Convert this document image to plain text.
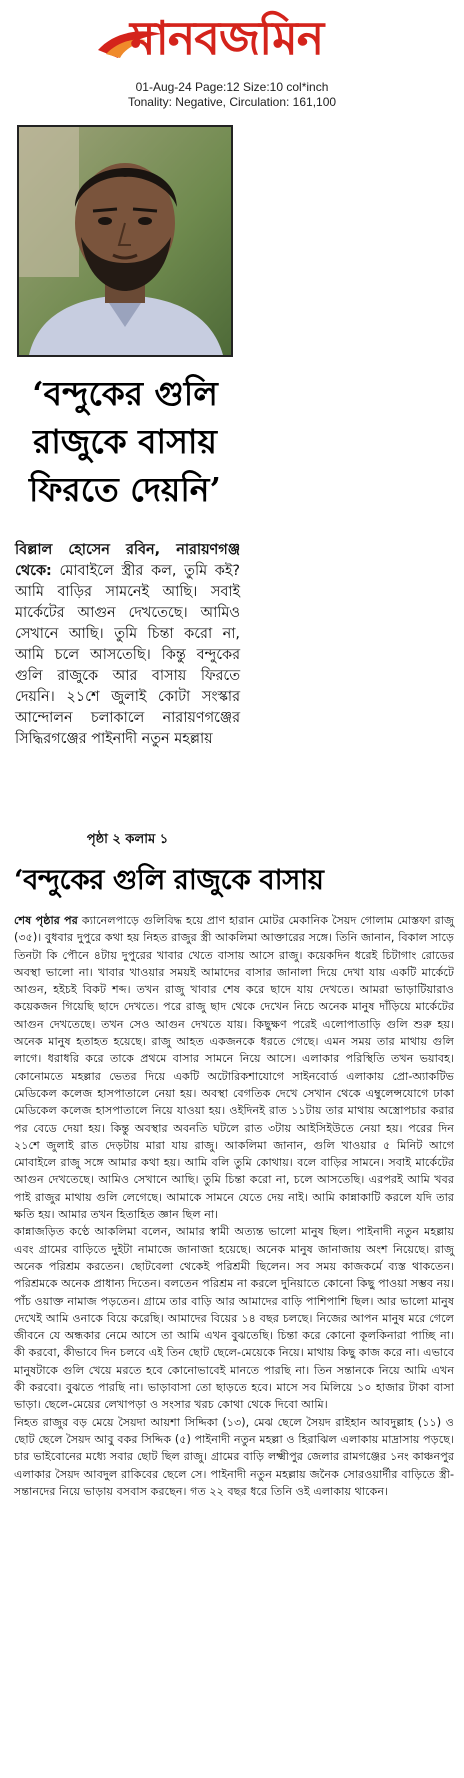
মানবজমিন
01-Aug-24 Page:12 Size:10 col*inch
Tonality: Negative, Circulation: 161,100
‘বন্দুকের গুলি রাজুকে বাসায় ফিরতে দেয়নি’
বিল্লাল হোসেন রবিন, নারায়ণগঞ্জ থেকে: মোবাইলে স্ত্রীর কল, তুমি কই? আমি বাড়ির সামনেই আছি। সবাই মার্কেটের আগুন দেখতেছে। আমিও সেখানে আছি। তুমি চিন্তা করো না, আমি চলে আসতেছি। কিন্তু বন্দুকের গুলি রাজুকে আর বাসায় ফিরতে দেয়নি। ২১শে জুলাই কোটা সংস্কার আন্দোলন চলাকালে নারায়ণগঞ্জের সিদ্ধিরগঞ্জের পাইনাদী নতুন মহল্লায়
পৃষ্ঠা ২ কলাম ১
‘বন্দুকের গুলি রাজুকে বাসায়

শেষ পৃষ্ঠার পর ক্যানেলপাড়ে গুলিবিদ্ধ হয়ে প্রাণ হারান মোটর মেকানিক সৈয়দ গোলাম মোস্তফা রাজু (৩৫)। বুধবার দুপুরে কথা হয় নিহত রাজুর স্ত্রী আকলিমা আক্তারের সঙ্গে। তিনি জানান, বিকাল সাড়ে তিনটা কি পৌনে ৪টায় দুপুরের খাবার খেতে বাসায় আসে রাজু। কয়েকদিন ধরেই চিটাগাং রোডের অবস্থা ভালো না। খাবার খাওয়ার সময়ই আমাদের বাসার জানালা দিয়ে দেখা যায় একটি মার্কেটে আগুন, হইচই বিকট শব্দ। তখন রাজু খাবার শেষ করে ছাদে যায় দেখতে। আমরা ভাড়াটিয়ারাও কয়েকজন গিয়েছি ছাদে দেখতে। পরে রাজু ছাদ থেকে দেখেন নিচে অনেক মানুষ দাঁড়িয়ে মার্কেটের আগুন দেখতেছে। তখন সেও আগুন দেখতে যায়। কিছুক্ষণ পরেই এলোপাতাড়ি গুলি শুরু হয়। অনেক মানুষ হতাহত হয়েছে। রাজু আহত একজনকে ধরতে গেছে। এমন সময় তার মাথায় গুলি লাগে। ধরাধরি করে তাকে প্রথমে বাসার সামনে নিয়ে আসে। এলাকার পরিস্থিতি তখন ভয়াবহ। কোনোমতে মহল্লার ভেতর দিয়ে একটি অটোরিকশাযোগে সাইনবোর্ড এলাকায় প্রো-অ্যাকটিভ মেডিকেল কলেজ হাসপাতালে নেয়া হয়। অবস্থা বেগতিক দেখে সেখান থেকে এম্বুলেন্সযোগে ঢাকা মেডিকেল কলেজ হাসপাতালে নিয়ে যাওয়া হয়। ওইদিনই রাত ১১টায় তার মাথায় অস্ত্রোপচার করার পর বেডে দেয়া হয়। কিন্তু অবস্থার অবনতি ঘটলে রাত ৩টায় আইসিইউতে নেয়া হয়। পরের দিন ২১শে জুলাই রাত দেড়টায় মারা যায় রাজু। আকলিমা জানান, গুলি খাওয়ার ৫ মিনিট আগে মোবাইলে রাজু সঙ্গে আমার কথা হয়। আমি বলি তুমি কোথায়। বলে বাড়ির সামনে। সবাই মার্কেটের আগুন দেখতেছে। আমিও সেখানে আছি। তুমি চিন্তা করো না, চলে আসতেছি। এরপরই আমি খবর পাই রাজুর মাথায় গুলি লেগেছে। আমাকে সামনে যেতে দেয় নাই। আমি কান্নাকাটি করলে যদি তার ক্ষতি হয়। আমার তখন হিতাহিত জ্ঞান ছিল না।

কান্নাজড়িত কণ্ঠে আকলিমা বলেন, আমার স্বামী অত্যন্ত ভালো মানুষ ছিল। পাইনাদী নতুন মহল্লায় এবং গ্রামের বাড়িতে দুইটা নামাজে জানাজা হয়েছে। অনেক মানুষ জানাজায় অংশ নিয়েছে। রাজু অনেক পরিশ্রম করতেন। ছোটবেলা থেকেই পরিশ্রমী ছিলেন। সব সময় কাজকর্মে ব্যস্ত থাকতেন। পরিশ্রমকে অনেক প্রাধান্য দিতেন। বলতেন পরিশ্রম না করলে দুনিয়াতে কোনো কিছু পাওয়া সম্ভব নয়। পাঁচ ওয়াক্ত নামাজ পড়তেন। গ্রামে তার বাড়ি আর আমাদের বাড়ি পাশিপাশি ছিল। আর ভালো মানুষ দেখেই আমি ওনাকে বিয়ে করেছি। আমাদের বিয়ের ১৪ বছর চলছে। নিজের আপন মানুষ মরে গেলে জীবনে যে অন্ধকার নেমে আসে তা আমি এখন বুঝতেছি। চিন্তা করে কোনো কূলকিনারা পাচ্ছি না। কী করবো, কীভাবে দিন চলবে এই তিন ছোট ছেলে-মেয়েকে নিয়ে। মাথায় কিছু কাজ করে না। এভাবে মানুষটাকে গুলি খেয়ে মরতে হবে কোনোভাবেই মানতে পারছি না। তিন সন্তানকে নিয়ে আমি এখন কী করবো। বুঝতে পারছি না। ভাড়াবাসা তো ছাড়তে হবে। মাসে সব মিলিয়ে ১০ হাজার টাকা বাসা ভাড়া। ছেলে-মেয়ের লেখাপড়া ও সংসার খরচ কোথা থেকে দিবো আমি।

নিহত রাজুর বড় মেয়ে সৈয়দা আয়শা সিদ্দিকা (১৩), মেঝ ছেলে সৈয়দ রাইহান আবদুল্লাহ (১১) ও ছোট ছেলে সৈয়দ আবু বকর সিদ্দিক (৫) পাইনাদী নতুন মহল্লা ও হিরাঝিল এলাকায় মাদ্রাসায় পড়ছে। চার ভাইবোনের মধ্যে সবার ছোট ছিল রাজু। গ্রামের বাড়ি লক্ষ্মীপুর জেলার রামগঞ্জের ১নং কাঞ্চনপুর এলাকার সৈয়দ আবদুল রাকিবের ছেলে সে। পাইনাদী নতুন মহল্লায় জনৈক সোরওয়ার্দীর বাড়িতে স্ত্রী-সন্তানদের নিয়ে ভাড়ায় বসবাস করছেন। গত ২২ বছর ধরে তিনি ওই এলাকায় থাকেন।
